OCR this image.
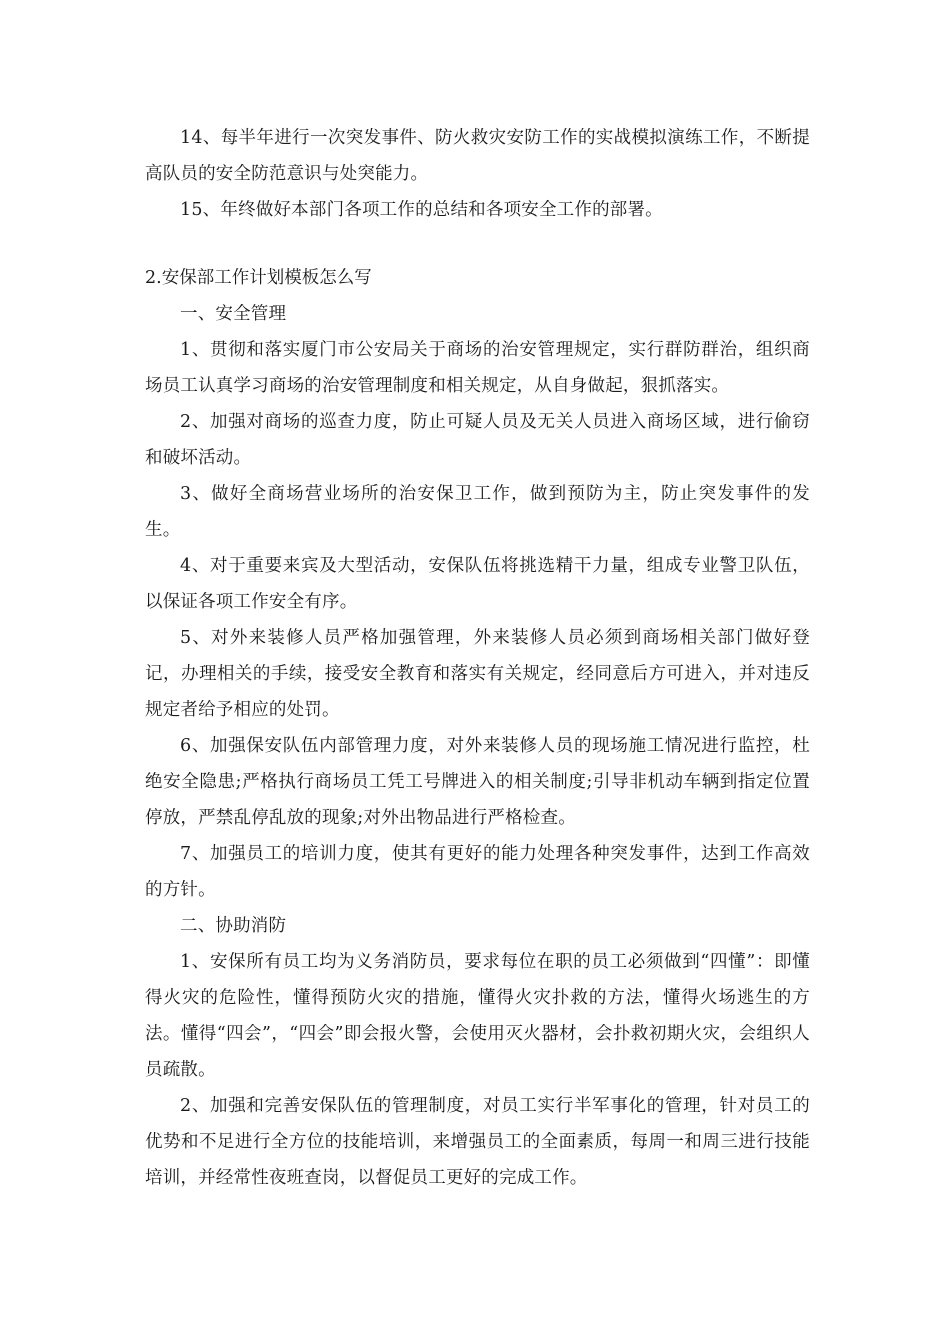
14、每半年进行一次突发事件、防火救灾安防工作的实战模拟演练工作，不断提高队员的安全防范意识与处突能力。

15、年终做好本部门各项工作的总结和各项安全工作的部署。

2.安保部工作计划模板怎么写

一、安全管理

1、贯彻和落实厦门市公安局关于商场的治安管理规定，实行群防群治，组织商场员工认真学习商场的治安管理制度和相关规定，从自身做起，狠抓落实。

2、加强对商场的巡查力度，防止可疑人员及无关人员进入商场区域，进行偷窃和破坏活动。

3、做好全商场营业场所的治安保卫工作，做到预防为主，防止突发事件的发生。

4、对于重要来宾及大型活动，安保队伍将挑选精干力量，组成专业警卫队伍，以保证各项工作安全有序。

5、对外来装修人员严格加强管理，外来装修人员必须到商场相关部门做好登记，办理相关的手续，接受安全教育和落实有关规定，经同意后方可进入，并对违反规定者给予相应的处罚。

6、加强保安队伍内部管理力度，对外来装修人员的现场施工情况进行监控，杜绝安全隐患;严格执行商场员工凭工号牌进入的相关制度;引导非机动车辆到指定位置停放，严禁乱停乱放的现象;对外出物品进行严格检查。

7、加强员工的培训力度，使其有更好的能力处理各种突发事件，达到工作高效的方针。

二、协助消防

1、安保所有员工均为义务消防员，要求每位在职的员工必须做到“四懂”：即懂得火灾的危险性，懂得预防火灾的措施，懂得火灾扑救的方法，懂得火场逃生的方法。懂得“四会”，“四会”即会报火警，会使用灭火器材，会扑救初期火灾，会组织人员疏散。

2、加强和完善安保队伍的管理制度，对员工实行半军事化的管理，针对员工的优势和不足进行全方位的技能培训，来增强员工的全面素质，每周一和周三进行技能培训，并经常性夜班查岗，以督促员工更好的完成工作。
